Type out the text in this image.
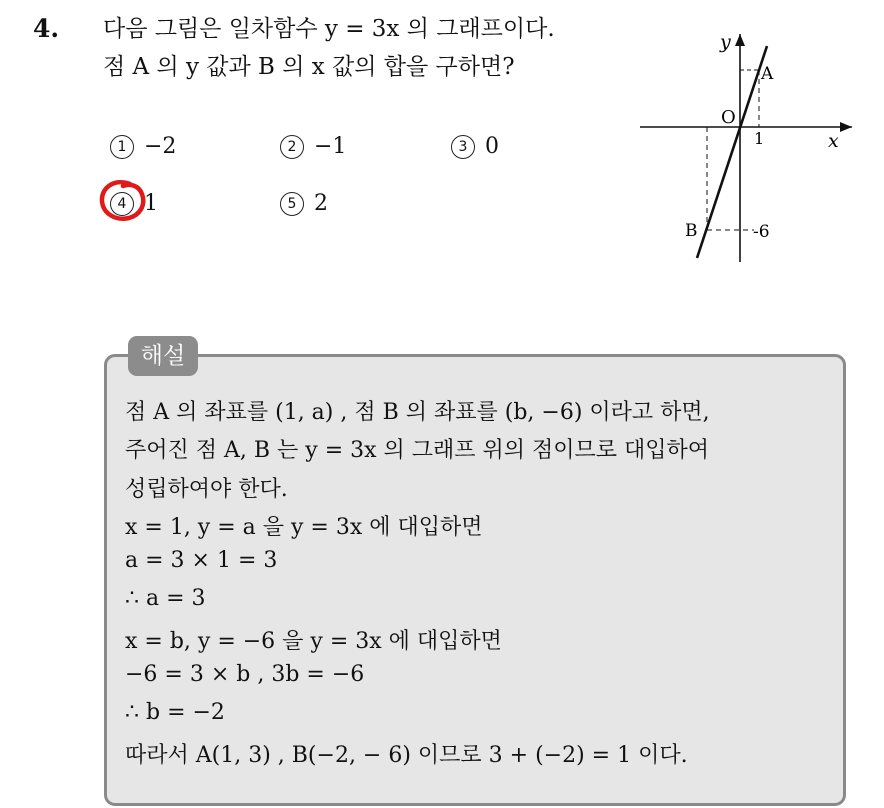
4. 다음 그림은 일차함수 y = 3x 의 그래프이다.
점 A 의 y 값과 B 의 x 값의 합을 구하면?
1 −2	2 −1	3 0
4 1	5 2
y
x
O
1
A
B	-6
해설
점 A 의 좌표를 (1, a) , 점 B 의 좌표를 (b, −6) 이라고 하면,
주어진 점 A, B 는 y = 3x 의 그래프 위의 점이므로 대입하여
성립하여야 한다.
x = 1, y = a 을 y = 3x 에 대입하면
a = 3 × 1 = 3
∴ a = 3
x = b, y = −6 을 y = 3x 에 대입하면
−6 = 3 × b , 3b = −6
∴ b = −2
따라서 A(1, 3) , B(−2, − 6) 이므로 3 + (−2) = 1 이다.
